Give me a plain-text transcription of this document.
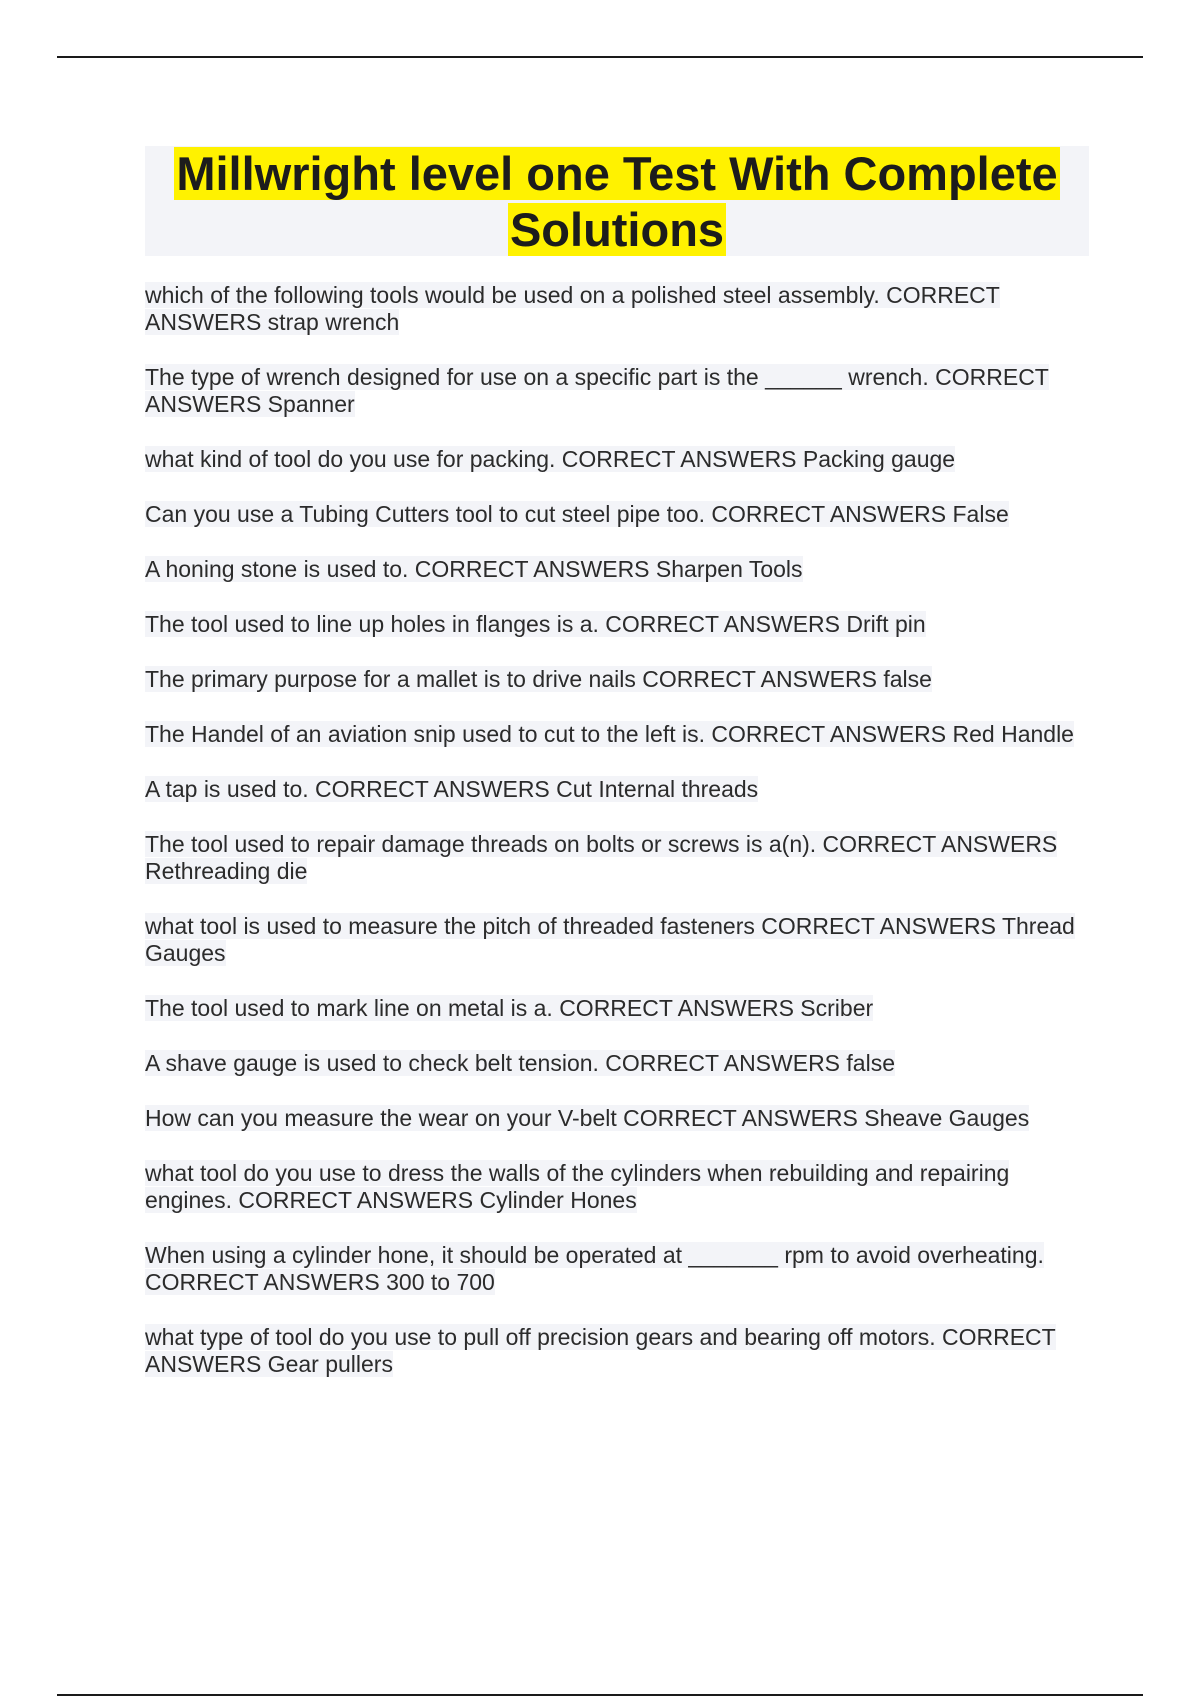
Millwright level one Test With Complete Solutions
which of the following tools would be used on a polished steel assembly. CORRECT ANSWERS strap wrench
The type of wrench designed for use on a specific part is the ______ wrench. CORRECT ANSWERS Spanner
what kind of tool do you use for packing. CORRECT ANSWERS Packing gauge
Can you use a Tubing Cutters tool to cut steel pipe too. CORRECT ANSWERS False
A honing stone is used to. CORRECT ANSWERS Sharpen Tools
The tool used to line up holes in flanges is a. CORRECT ANSWERS Drift pin
The primary purpose for a mallet is to drive nails CORRECT ANSWERS false
The Handel of an aviation snip used to cut to the left is. CORRECT ANSWERS Red Handle
A tap is used to. CORRECT ANSWERS Cut Internal threads
The tool used to repair damage threads on bolts or screws is a(n). CORRECT ANSWERS Rethreading die
what tool is used to measure the pitch of threaded fasteners CORRECT ANSWERS Thread Gauges
The tool used to mark line on metal is a. CORRECT ANSWERS Scriber
A shave gauge is used to check belt tension. CORRECT ANSWERS false
How can you measure the wear on your V-belt CORRECT ANSWERS Sheave Gauges
what tool do you use to dress the walls of the cylinders when rebuilding and repairing engines. CORRECT ANSWERS Cylinder Hones
When using a cylinder hone, it should be operated at _______ rpm to avoid overheating. CORRECT ANSWERS 300 to 700
what type of tool do you use to pull off precision gears and bearing off motors. CORRECT ANSWERS Gear pullers
